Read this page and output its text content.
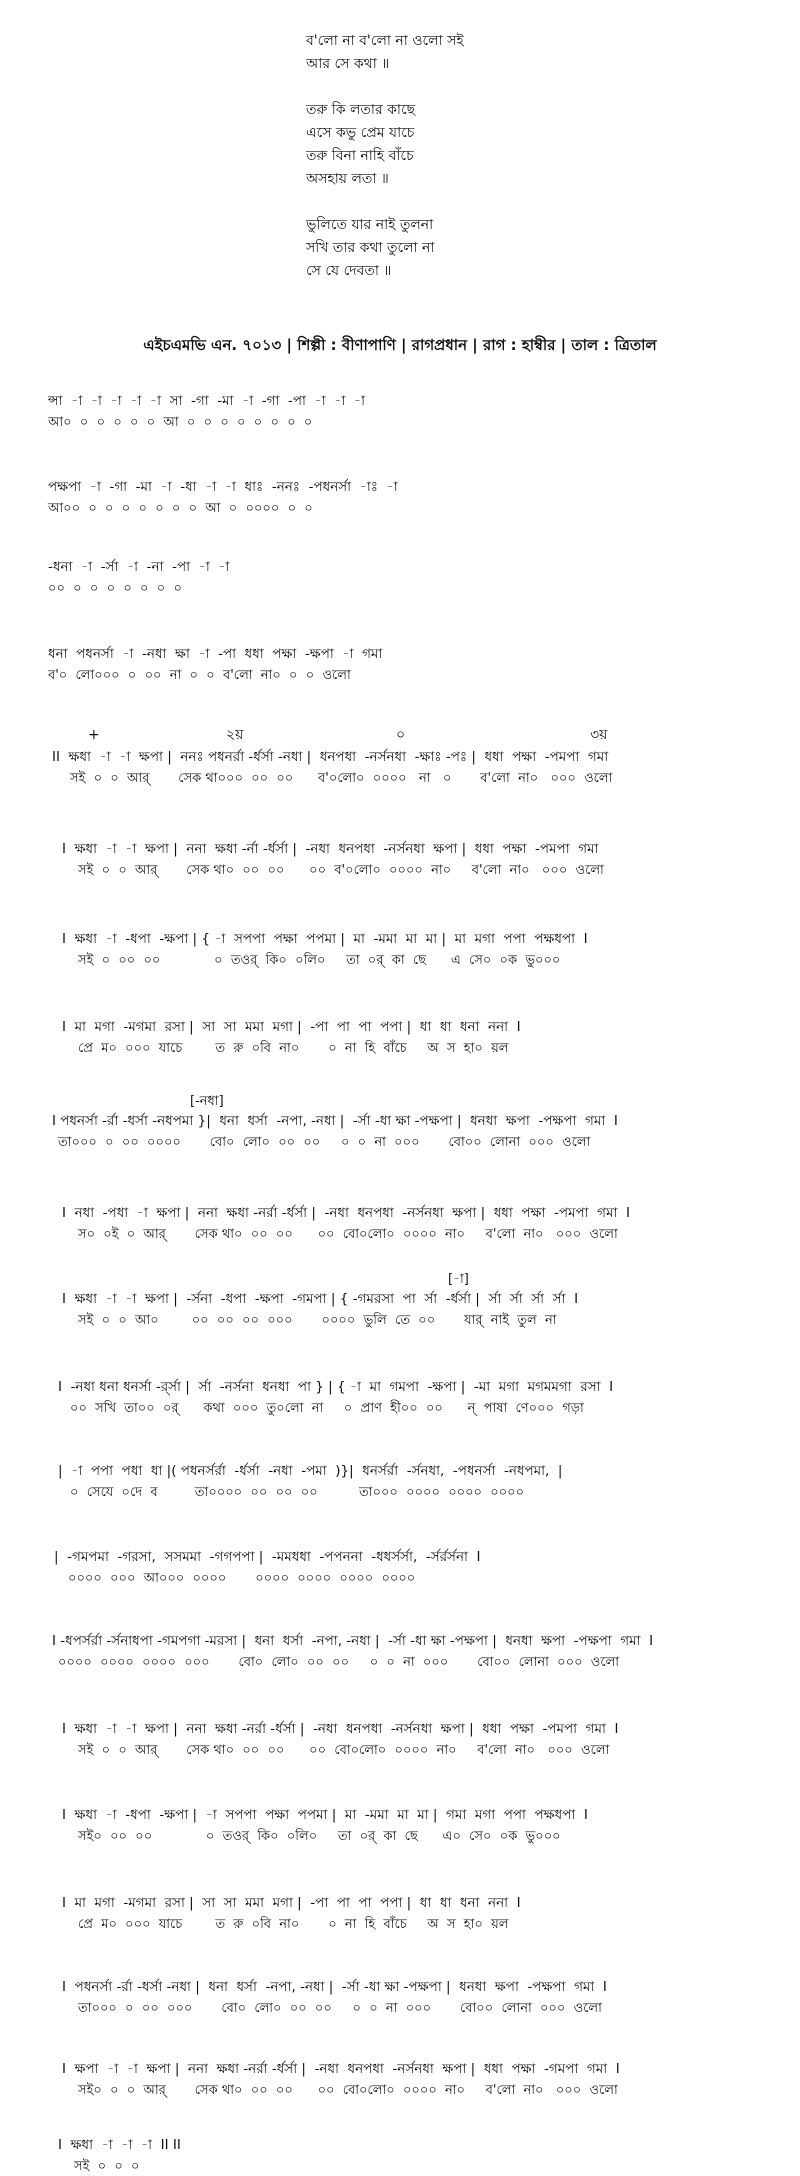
ব'লো না ব'লো না ওলো সই
আর সে কথা ॥
তরু কি লতার কাছে
এসে কভু প্রেম যাচে
তরু বিনা নাহি বাঁচে
অসহায় লতা ॥
ভুলিতে যার নাই তুলনা
সখি তার কথা তুলো না
সে যে দেবতা ॥
এইচএমভি এন. ৭০১৩ | শিল্পী : বীণাপাণি | রাগপ্রধান | রাগ : হাম্বীর | তাল : ত্রিতাল
ন্সা  -া  -া  -া  -া  -া  সা  -গা  -মা  -া  -গা  -পা  -া  -া  -া
আ০  ০  ০  ০  ০  ০  আ  ০  ০  ০  ০  ০  ০  ০  ০
পক্ষপা  -া  -গা  -মা  -া  -ধা  -া  -া  ধাঃ  -ননঃ  -পধনর্সা  -াঃ  -া
আ০০  ০  ০  ০  ০  ০  ০  ০  আ  ০  ০০০০  ০  ০
-ধনা  -া  -র্সা  -া  -না  -পা  -া  -া
০০  ০  ০  ০  ০  ০  ০  ০
ধনা  পধনর্সা  -া  -নধা  ক্ষা  -া  -পা  ধধা  পক্ষা  -ক্ষপা  -া  গমা
ব'০  লো০০০  ০  ০০  না  ০  ০  ব'লো  না০  ০  ০  ওলো
+	২য়	০	৩য়
II  ক্ষধা  -া  -া  ক্ষপা |  ননঃ পধনর্রা -র্ধর্সা -নধা |  ধনপধা  -নর্সনধা  -ক্ষাঃ -পঃ |  ধধা  পক্ষা  -পমপা  গমা
সই  ০  ০  আর্       সেক থা০০০  ০০  ০০      ব'০লো০  ০০০০   না   ০       ব'লো  না০   ০০০  ওলো
I  ক্ষধা  -া  -া  ক্ষপা |  ননা  ক্ষধা -র্না -র্ধর্সা |  -নধা  ধনপধা  -নর্সনধা  ক্ষপা |  ধধা  পক্ষা  -পমপা  গমা
সই  ০  ০  আর্       সেক থা০  ০০  ০০      ০০  ব'০লো০  ০০০০  না০     ব'লো  না০   ০০০  ওলো
I  ক্ষধা  -া  -ধপা  -ক্ষপা | { -া  সপপা  পক্ষা  পপমা |  মা  -মমা  মা  মা |  মা  মগা  পপা  পক্ষধপা  I
সই  ০  ০০  ০০             ০  তওর্  কি০  ০লি০     তা  ০র্  কা  ছে      এ  সে০  ০ক  ভু০০০
I  মা  মগা  -মগমা  রসা |  সা  সা  মমা  মগা |  -পা  পা  পা  পপা |  ধা  ধা  ধনা  ননা  I
প্রে  ম০  ০০০  যাচে        ত  রু  ০বি  না০       ০  না  হি  বাঁচে     অ  স  হা০  য়ল
[-নধা]
I পধনর্সা -র্রা -ধর্সা -নধপমা }|  ধনা  ধর্সা  -নপা, -নধা |  -র্সা -ধা ক্ষা -পক্ষপা |  ধনধা  ক্ষপা  -পক্ষপা  গমা  I
তা০০০  ০  ০০  ০০০০       বো০  লো০  ০০  ০০     ০  ০  না  ০০০       বো০০  লোনা  ০০০  ওলো
I  নধা  -পধা  -া  ক্ষপা |  ননা  ক্ষধা -নর্রা -র্ধর্সা |  -নধা  ধনপধা  -নর্সনধা  ক্ষপা |  ধধা  পক্ষা  -পমপা  গমা  I
স০  ০ই  ০  আর্       সেক থা০  ০০  ০০      ০০  বো০লো০  ০০০০  না০     ব'লো  না০   ০০০  ওলো
[-া]
I  ক্ষধা  -া  -া  ক্ষপা |  -র্সনা  -ধপা  -ক্ষপা  -গমপা | { -গমরসা  পা  র্সা  -র্ধর্সা |  র্সা  র্সা  র্সা  র্সা  I
সই  ০  ০  আ০        ০০  ০০  ০০  ০০০       ০০০০  ভুলি  তে  ০০       যার্  নাই  তুল  না
I  -নধা ধনা ধনর্সা -র্র্সা |  র্সা  -নর্সনা  ধনধা  পা } | { -া  মা  গমপা  -ক্ষপা |  -মা  মগা  মগমমগা  রসা  I
০০  সখি  তা০০  ০র্      কথা  ০০০  তু০লো  না     ০  প্রাণ  হী০০  ০০      ন্  পাষা  ণে০০০  গড়া
|  -া  পপা  পধা  ধা |( পধনর্সর্রা  -র্ধর্সা  -নধা  -পমা  )}|  ধনর্সর্রা  -র্সনধা,  -পধনর্সা  -নধপমা,  |
০  সেযে  ০দে  ব         তা০০০০  ০০  ০০  ০০          তা০০০  ০০০০  ০০০০  ০০০০
|  -গমপমা  -গরসা,  সসমমা  -গগপপা |  -মমধধা  -পপননা  -ধধর্সর্সা,  -র্সর্রর্সনা  I
০০০০  ০০০  আ০০০  ০০০০       ০০০০  ০০০০  ০০০০  ০০০০
I -ধপর্সর্রা -র্সনাধপা -গমপগা -মরসা |  ধনা  ধর্সা  -নপা, -নধা |  -র্সা -ধা ক্ষা -পক্ষপা |  ধনধা  ক্ষপা  -পক্ষপা  গমা  I
০০০০  ০০০০  ০০০০  ০০০       বো০  লো০  ০০  ০০     ০  ০  না  ০০০       বো০০  লোনা  ০০০  ওলো
I  ক্ষধা  -া  -া  ক্ষপা |  ননা  ক্ষধা -নর্রা -র্ধর্সা |  -নধা  ধনপধা  -নর্সনধা  ক্ষপা |  ধধা  পক্ষা  -পমপা  গমা  I
সই  ০  ০  আর্       সেক থা০  ০০  ০০      ০০  বো০লো০  ০০০০  না০     ব'লো  না০   ০০০  ওলো
I  ক্ষধা  -া  -ধপা  -ক্ষপা |  -া  সপপা  পক্ষা  পপমা |  মা  -মমা  মা  মা |  গমা  মগা  পপা  পক্ষধপা  I
সই০  ০০  ০০             ০  তওর্  কি০  ০লি০     তা  ০র্  কা  ছে      এ০  সে০  ০ক  ভু০০০
I  মা  মগা  -মগমা  রসা |  সা  সা  মমা  মগা |  -পা  পা  পা  পপা |  ধা  ধা  ধনা  ননা  I
প্রে  ম০  ০০০  যাচে        ত  রু  ০বি  না০       ০  না  হি  বাঁচে     অ  স  হা০  য়ল
I  পধনর্সা -র্রা -ধর্সা -নধা |  ধনা  ধর্সা  -নপা, -নধা |  -র্সা -ধা ক্ষা -পক্ষপা |  ধনধা  ক্ষপা  -পক্ষপা  গমা  I
তা০০০  ০  ০০  ০০০       বো০  লো০  ০০  ০০     ০  ০  না  ০০০       বো০০  লোনা  ০০০  ওলো
I  ক্ষপা  -া  -া  ক্ষপা |  ননা  ক্ষধা -নর্রা -র্ধর্সা |  -নধা  ধনপধা  -নর্সনধা  ক্ষপা |  ধধা  পক্ষা  -গমপা  গমা  I
সই০  ০  ০  আর্       সেক থা০  ০০  ০০      ০০  বো০লো০  ০০০০  না০     ব'লো  না০   ০০০  ওলো
I  ক্ষধা  -া  -া  -া  II II
সই  ০  ০  ০
